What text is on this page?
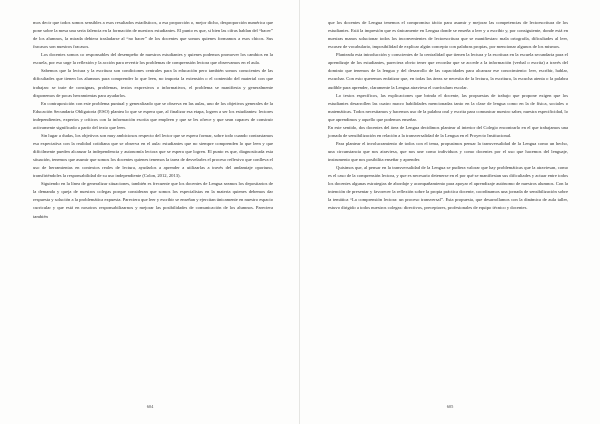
mos decir que todos somos sensibles a esos resultados estadísticos, a esa proporción o, mejor dicho, desproporción numérica que pone sobre la mesa una seria falencia en la formación de nuestros estudiantes. El punto es que, si bien las cifras hablan del “bacer” de los alumnos, la mirada debiera trasladarse al “no bacer” de los docentes que somos quienes formamos a esos chicos. Sus fracasos son nuestros fracasos.

Los docentes somos co responsables del desempeño de nuestros estudiantes y quienes podemos promover los cambios en la escuela, por eso urge la reflexión y la acción para revertir los problemas de comprensión lectora que observamos en el aula.

Sabemos que la lectura y la escritura son condiciones centrales para la educación pero también somos conscientes de las dificultades que tienen los alumnos para comprender lo que leen, no importa la extensión o el contenido del material con que trabajan: se trate de consignas, problemas, textos expresivos o informativos, el problema se manifiesta y generalmente disponemos de pocas herramientas para ayudarlos.

En contraposición con este problema puntual y generalizado que se observa en las aulas, uno de los objetivos generales de la Educación Secundaria Obligatoria (ESO) plantea lo que se espera que, al finalizar esa etapa, logren a ser los estudiantes: lectores independientes, expertos y críticos con la información escrita que empleen y que se les ofrece y que sean capaces de construir activamente significado a partir del texto que leen.

Sin lugar a dudas, los objetivos son muy ambiciosos respecto del lector que se espera formar, sobre todo cuando contrastamos esa expectativa con la realidad cotidiana que se observa en el aula: estudiantes que no siempre comprenden lo que leen y que difícilmente pueden alcanzar la independencia y autonomía lectora que se espera que logren. El punto es que, diagnosticada esta situación, tenemos que asumir que somos los docentes quienes tenemos la tarea de desvelarles el proceso reflexivo que conlleva el uso de herramientas en contextos reales de lectura, ayudarlos a aprender a utilizarlas a través del andamiaje oportuno, transfiriéndoles la responsabilidad de su uso independiente (Colon, 2012, 2013).

Siguiendo en la línea de generalizar situaciones, también es frecuente que los docentes de Lengua seamos los depositarios de la demanda y queja de nuestros colegas porque consideran que somos los especialistas en la materia quienes debemos dar respuesta y solución a la problemática expuesta. Pareciera que leer y escribir se enseñan y ejercitan únicamente en nuestro espacio curricular y que está en nosotros responsabilizarnos y mejorar las posibilidades de comunicación de los alumnos. Pareciera también

604

que los docentes de Lengua tenemos el compromiso tácito para asumir y mejorar las competencias de lectoescritura de los estudiantes. Está la impresión que es únicamente en Lengua donde se enseña a leer y a escribir y, por consiguiente, donde está en nuestras manos solucionar todos los inconvenientes de lectoescritura que se manifiestan: mala ortografía, dificultades al leer, escasez de vocabulario, imposibilidad de explicar algún concepto con palabras propias, por mencionar algunos de los mismos.

Planteada esta introducción y conscientes de la centralidad que tienen la lectura y la escritura en la escuela secundaria para el aprendizaje de los estudiantes, pareciera obvio tener que recordar que se accede a la información (verbal o escrita) a través del dominio que tenemos de la lengua y del desarrollo de las capacidades para alcanzar ese conocimiento: leer, escribir, hablar, escuchar. Con esto queremos enfatizar que, en todas las áreas se necesita de la lectura, la escritura, la escucha atenta o la palabra audible para aprender, claramente la Lengua atraviesa el currículum escolar.

Lo textos específicos, las explicaciones que brinda el docente, las propuestas de trabajo que propone exigen que los estudiantes desarrollen las cuatro macro habilidades mencionadas tanto en la clase de lengua como en la de física, sociales o matemáticas. Todos necesitamos y hacemos uso de la palabra oral y escrita para comunicar nuestro saber, nuestra especificidad, lo que aprendimos y aquello que podemos enseñar.

En este sentido, dos docentes del área de Lengua decidimos plantear al interior del Colegio encontrarlo en el que trabajamos una jornada de sensibilización en relación a la transversalidad de la Lengua en el Proyecto Institucional.

Para plantear el involucramiento de todos con el tema, propusimos pensar la transversalidad de la Lengua como un hecho, una circunstancia que nos atraviesa, que nos une como individuos y como docentes por el uso que hacemos del lenguaje, instrumento que nos posibilita enseñar y aprender.

Quisimos que, al pensar en la transversalidad de la Lengua se pudiera valorar que hay problemáticas que la atraviesan, como es el caso de la comprensión lectora, y que es necesario detenerse en el por qué se manifiestan sus dificultades y actuar entre todos los docentes algunas estrategias de abordaje y acompañamiento para apoyar el aprendizaje autónomo de nuestros alumnos. Con la intención de presentar y favorecer la reflexión sobre la propia práctica docente, coordinamos una jornada de sensibilización sobre la temática “La comprensión lectora: un proceso transversal”. Esta propuesta, que desarrollamos con la dinámica de aula taller, estuvo dirigido a todos nuestros colegas: directivos, preceptores, profesionales de equipo técnico y docentes.

605
